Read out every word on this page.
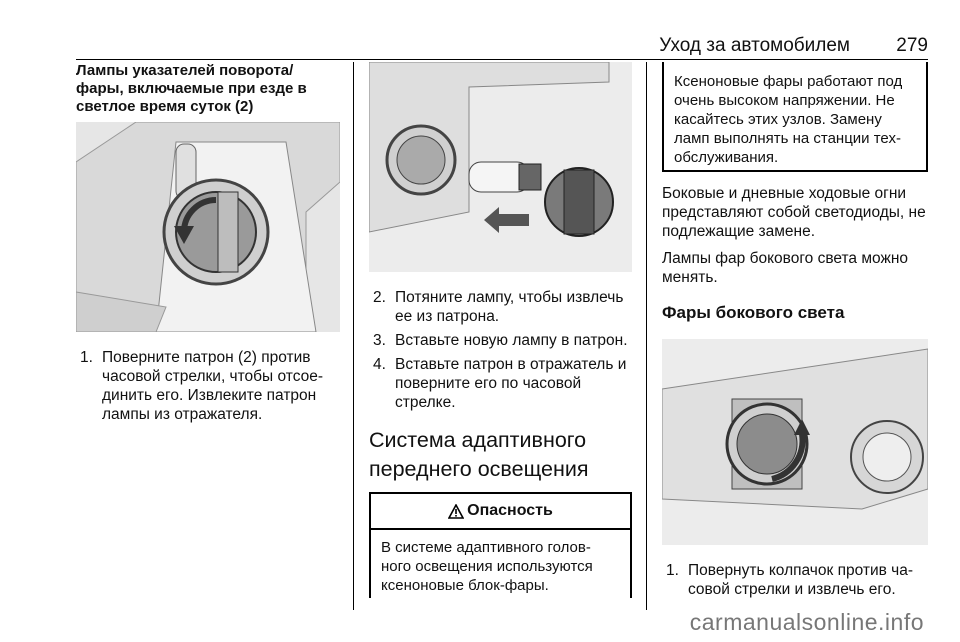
Уход за автомобилем 279
Лампы указателей поворота/фары, включаемые при езде в светлое время суток (2)
1. Поверните патрон (2) против часовой стрелки, чтобы отсое-динить его. Извлеките патрон лампы из отражателя.
2. Потяните лампу, чтобы извлечь ее из патрона.
3. Вставьте новую лампу в патрон.
4. Вставьте патрон в отражатель и поверните его по часовой стрелке.
Система адаптивного переднего освещения
Опасность
В системе адаптивного голов-ного освещения используются ксеноновые блок-фары.
Ксеноновые фары работают под очень высоком напряжении. Не касайтесь этих узлов. Замену ламп выполнять на станции тех-обслуживания.

Боковые и дневные ходовые огни представляют собой светодиоды, не подлежащие замене.

Лампы фар бокового света можно менять.

Фары бокового света
1. Повернуть колпачок против ча-совой стрелки и извлечь его.
carmanualsonline.info
